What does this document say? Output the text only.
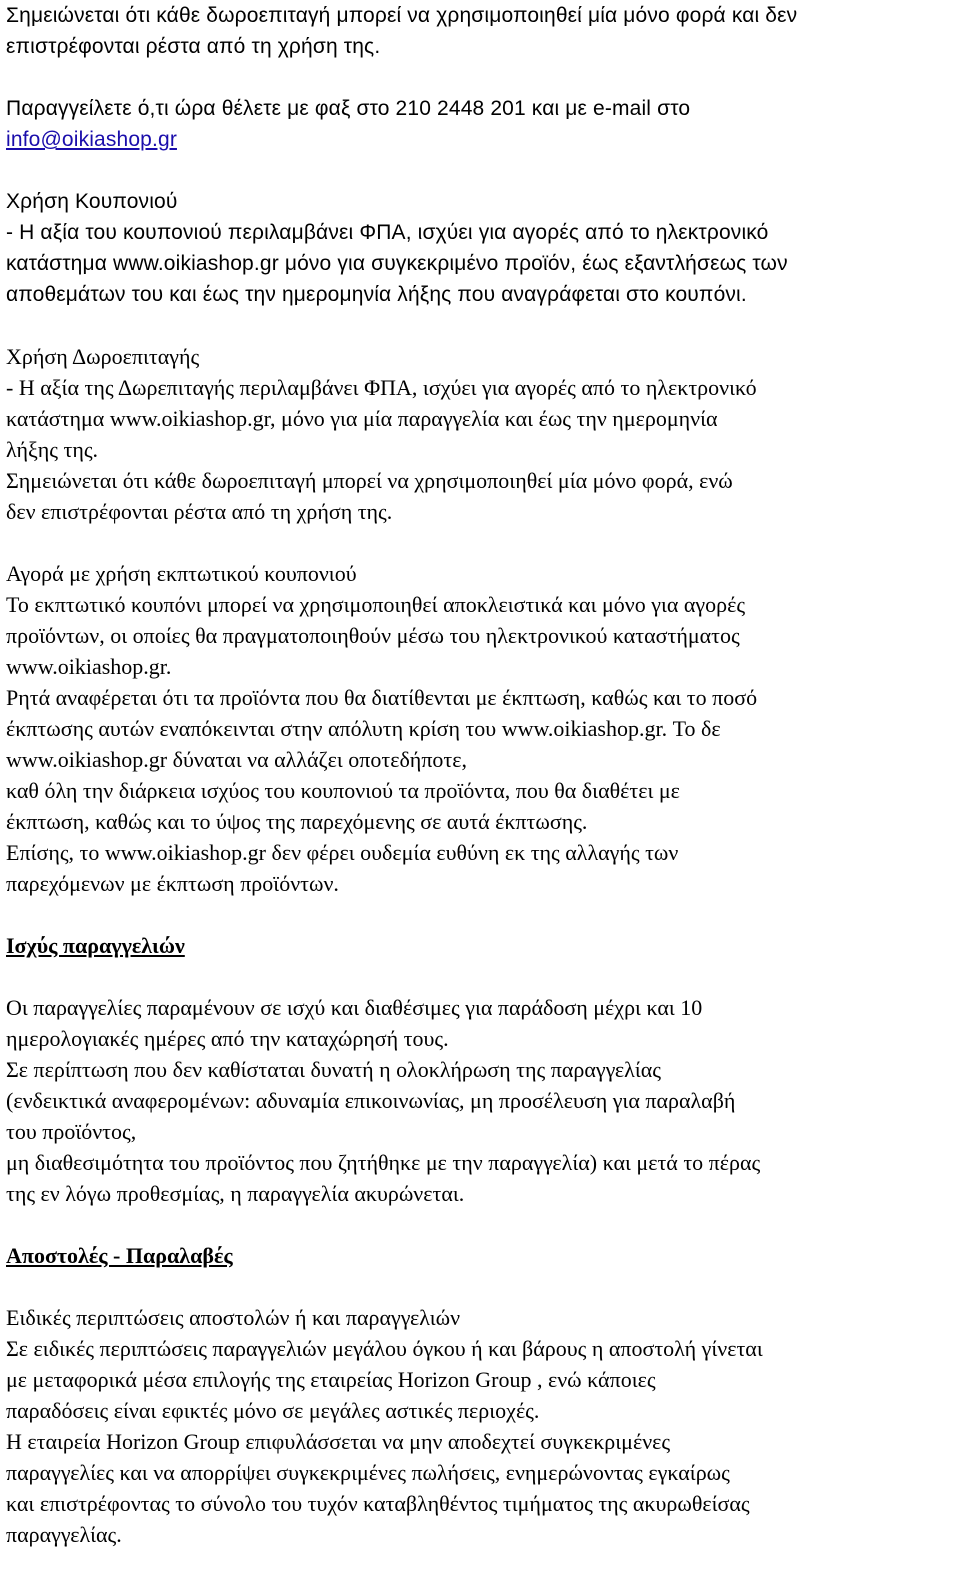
Σημειώνεται ότι κάθε δωροεπιταγή μπορεί να χρησιμοποιηθεί μία μόνο φορά και δεν
επιστρέφονται ρέστα από τη χρήση της.
Παραγγείλετε ό,τι ώρα θέλετε με φαξ στο 210 2448 201 και με e-mail στο
info@oikiashop.gr
Χρήση Κουπονιού
- Η αξία του κουπονιού περιλαμβάνει ΦΠΑ, ισχύει για αγορές από το ηλεκτρονικό
κατάστημα www.oikiashop.gr μόνο για συγκεκριμένο προϊόν, έως εξαντλήσεως των
αποθεμάτων του και έως την ημερομηνία λήξης που αναγράφεται στο κουπόνι.
Χρήση Δωροεπιταγής
- Η αξία της Δωρεπιταγής περιλαμβάνει ΦΠΑ, ισχύει για αγορές από το ηλεκτρονικό
κατάστημα www.oikiashop.gr, μόνο για μία παραγγελία και έως την ημερομηνία
λήξης της.
Σημειώνεται ότι κάθε δωροεπιταγή μπορεί να χρησιμοποιηθεί μία μόνο φορά, ενώ
δεν επιστρέφονται ρέστα από τη χρήση της.
Αγορά με χρήση εκπτωτικού κουπονιού
Το εκπτωτικό κουπόνι μπορεί να χρησιμοποιηθεί αποκλειστικά και μόνο για αγορές
προϊόντων, οι οποίες θα πραγματοποιηθούν μέσω του ηλεκτρονικού καταστήματος
www.oikiashop.gr.
Ρητά αναφέρεται ότι τα προϊόντα που θα διατίθενται με έκπτωση, καθώς και το ποσό
έκπτωσης αυτών εναπόκεινται στην απόλυτη κρίση του www.oikiashop.gr. Το δε
www.oikiashop.gr δύναται να αλλάζει οποτεδήποτε,
καθ όλη την διάρκεια ισχύος του κουπονιού τα προϊόντα, που θα διαθέτει με
έκπτωση, καθώς και το ύψος της παρεχόμενης σε αυτά έκπτωσης.
Επίσης, το www.oikiashop.gr δεν φέρει ουδεμία ευθύνη εκ της αλλαγής των
παρεχόμενων με έκπτωση προϊόντων.
Ισχύς παραγγελιών
Οι παραγγελίες παραμένουν σε ισχύ και διαθέσιμες για παράδοση μέχρι και 10
ημερολογιακές ημέρες από την καταχώρησή τους.
Σε περίπτωση που δεν καθίσταται δυνατή η ολοκλήρωση της παραγγελίας
(ενδεικτικά αναφερομένων: αδυναμία επικοινωνίας, μη προσέλευση για παραλαβή
του προϊόντος,
μη διαθεσιμότητα του προϊόντος που ζητήθηκε με την παραγγελία) και μετά το πέρας
της εν λόγω προθεσμίας, η παραγγελία ακυρώνεται.
Αποστολές - Παραλαβές
Ειδικές περιπτώσεις αποστολών ή και παραγγελιών
Σε ειδικές περιπτώσεις παραγγελιών μεγάλου όγκου ή και βάρους η αποστολή γίνεται
με μεταφορικά μέσα επιλογής της εταιρείας Horizon Group , ενώ κάποιες
παραδόσεις είναι εφικτές μόνο σε μεγάλες αστικές περιοχές.
Η εταιρεία Horizon Group επιφυλάσσεται να μην αποδεχτεί συγκεκριμένες
παραγγελίες και να απορρίψει συγκεκριμένες πωλήσεις, ενημερώνοντας εγκαίρως
και επιστρέφοντας το σύνολο του τυχόν καταβληθέντος τιμήματος της ακυρωθείσας
παραγγελίας.
